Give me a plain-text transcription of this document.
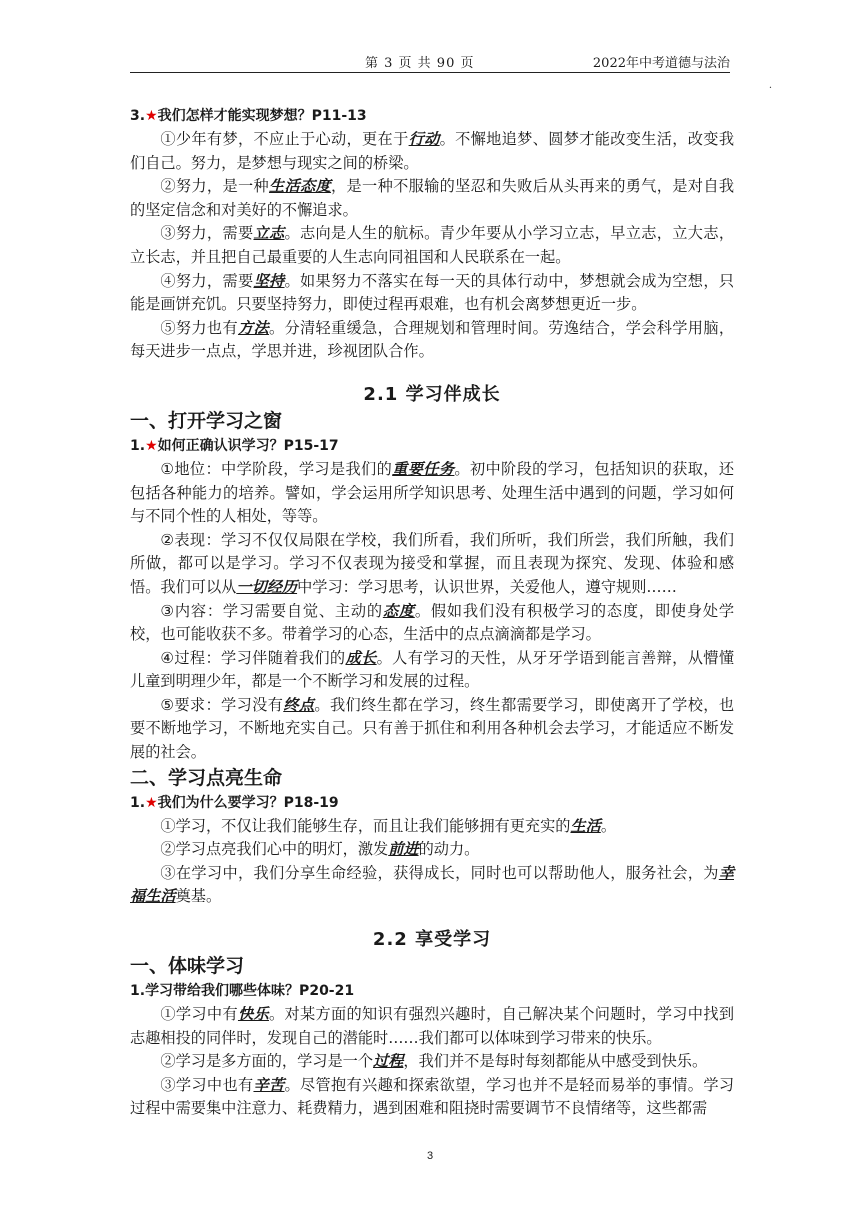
第 3 页 共 90 页	2022年中考道德与法治
.
3.★我们怎样才能实现梦想？P11-13

①少年有梦，不应止于心动，更在于行动。不懈地追梦、圆梦才能改变生活，改变我们自己。努力，是梦想与现实之间的桥梁。

②努力，是一种生活态度，是一种不服输的坚忍和失败后从头再来的勇气，是对自我的坚定信念和对美好的不懈追求。

③努力，需要立志。志向是人生的航标。青少年要从小学习立志，早立志，立大志，立长志，并且把自己最重要的人生志向同祖国和人民联系在一起。

④努力，需要坚持。如果努力不落实在每一天的具体行动中，梦想就会成为空想，只能是画饼充饥。只要坚持努力，即使过程再艰难，也有机会离梦想更近一步。

⑤努力也有方法。分清轻重缓急，合理规划和管理时间。劳逸结合，学会科学用脑，每天进步一点点，学思并进，珍视团队合作。

2.1 学习伴成长
一、打开学习之窗
1.★如何正确认识学习？P15-17

①地位：中学阶段，学习是我们的重要任务。初中阶段的学习，包括知识的获取，还包括各种能力的培养。譬如，学会运用所学知识思考、处理生活中遇到的问题，学习如何与不同个性的人相处，等等。

②表现：学习不仅仅局限在学校，我们所看，我们所听，我们所尝，我们所触，我们所做，都可以是学习。学习不仅表现为接受和掌握，而且表现为探究、发现、体验和感悟。我们可以从一切经历中学习：学习思考，认识世界，关爱他人，遵守规则……

③内容：学习需要自觉、主动的态度。假如我们没有积极学习的态度，即使身处学校，也可能收获不多。带着学习的心态，生活中的点点滴滴都是学习。

④过程：学习伴随着我们的成长。人有学习的天性，从牙牙学语到能言善辩，从懵懂儿童到明理少年，都是一个不断学习和发展的过程。

⑤要求：学习没有终点。我们终生都在学习，终生都需要学习，即使离开了学校，也要不断地学习，不断地充实自己。只有善于抓住和利用各种机会去学习，才能适应不断发展的社会。

二、学习点亮生命
1.★我们为什么要学习？P18-19

①学习，不仅让我们能够生存，而且让我们能够拥有更充实的生活。

②学习点亮我们心中的明灯，激发前进的动力。

③在学习中，我们分享生命经验，获得成长，同时也可以帮助他人，服务社会，为幸福生活奠基。

2.2 享受学习
一、体味学习
1.学习带给我们哪些体味？P20-21

①学习中有快乐。对某方面的知识有强烈兴趣时，自己解决某个问题时，学习中找到志趣相投的同伴时，发现自己的潜能时……我们都可以体味到学习带来的快乐。

②学习是多方面的，学习是一个过程，我们并不是每时每刻都能从中感受到快乐。

③学习中也有辛苦。尽管抱有兴趣和探索欲望，学习也并不是轻而易举的事情。学习过程中需要集中注意力、耗费精力，遇到困难和阻挠时需要调节不良情绪等，这些都需

3
